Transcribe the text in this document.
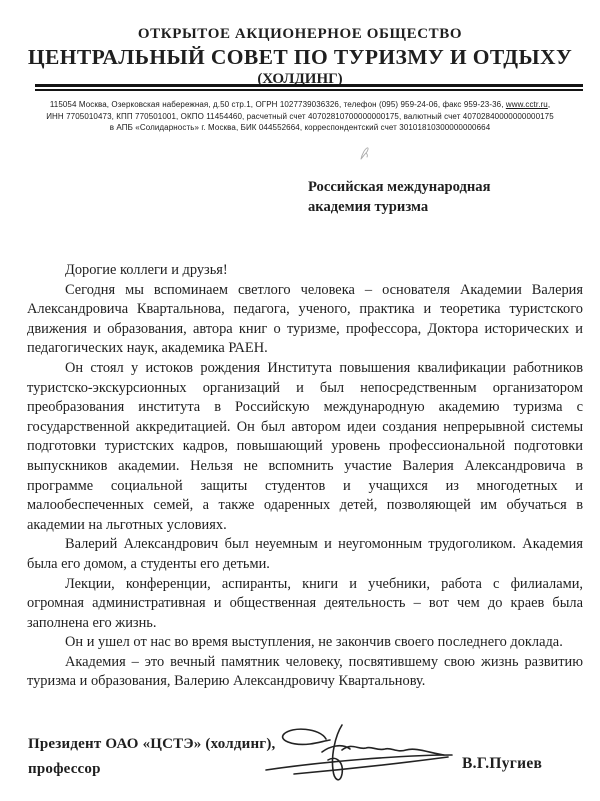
ОТКРЫТОЕ АКЦИОНЕРНОЕ ОБЩЕСТВО
ЦЕНТРАЛЬНЫЙ СОВЕТ ПО ТУРИЗМУ И ОТДЫХУ
(ХОЛДИНГ)
115054 Москва, Озерковская набережная, д.50 стр.1, ОГРН 1027739036326, телефон (095) 959-24-06, факс 959-23-36, www.cctr.ru,
ИНН 7705010473, КПП 770501001, ОКПО 11454460, расчетный счет 40702810700000000175, валютный счет 40702840000000000175
в АПБ «Солидарность» г. Москва, БИК 044552664, корреспондентский счет 30101810300000000664
Российская международная
академия туризма

Дорогие коллеги и друзья!

Сегодня мы вспоминаем светлого человека – основателя Академии Валерия Александровича Квартальнова, педагога, ученого, практика и теоретика туристского движения и образования, автора книг о туризме, профессора, Доктора исторических и педагогических наук, академика РАЕН.

Он стоял у истоков рождения Института повышения квалификации работников туристско-экскурсионных организаций и был непосредственным организатором преобразования института в Российскую международную академию туризма с государственной аккредитацией. Он был автором идеи создания непрерывной системы подготовки туристских кадров, повышающий уровень профессиональной подготовки выпускников академии. Нельзя не вспомнить участие Валерия Александровича в программе социальной защиты студентов и учащихся из многодетных и малообеспеченных семей, а также одаренных детей, позволяющей им обучаться в академии на льготных условиях.

Валерий Александрович был неуемным и неугомонным трудоголиком. Академия была его домом, а студенты его детьми.

Лекции, конференции, аспиранты, книги и учебники, работа с филиалами, огромная административная и общественная деятельность – вот чем до краев была заполнена его жизнь.

Он и ушел от нас во время выступления, не закончив своего последнего доклада.

Академия – это вечный памятник человеку, посвятившему свою жизнь развитию туризма и образования, Валерию Александровичу Квартальнову.

Президент ОАО «ЦСТЭ» (холдинг),
профессор	В.Г.Пугиев
